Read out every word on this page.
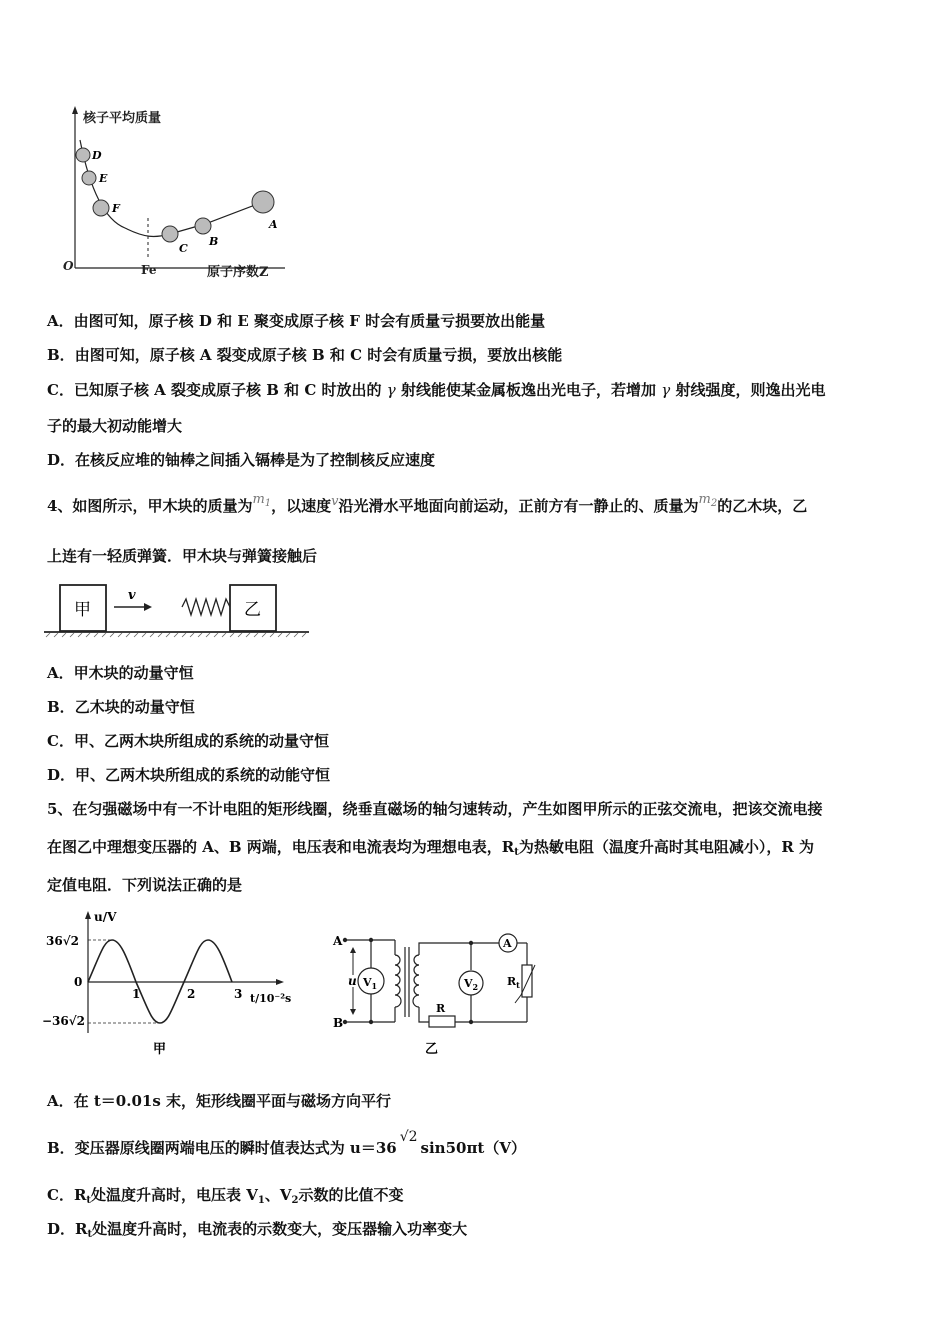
核子平均质量
原子序数Z
O	Fe
D
E
F
C
B
A
A．由图可知，原子核 D 和 E 聚变成原子核 F 时会有质量亏损要放出能量
B．由图可知，原子核 A 裂变成原子核 B 和 C 时会有质量亏损，要放出核能
C．已知原子核 A 裂变成原子核 B 和 C 时放出的 γ 射线能使某金属板逸出光电子，若增加 γ 射线强度，则逸出光电
子的最大初动能增大
D．在核反应堆的铀棒之间插入镉棒是为了控制核反应速度
4、如图所示，甲木块的质量为$m_1$，以速度v沿光滑水平地面向前运动，正前方有一静止的、质量为$m_2$的乙木块，乙
上连有一轻质弹簧．甲木块与弹簧接触后
甲
v
乙
A．甲木块的动量守恒
B．乙木块的动量守恒
C．甲、乙两木块所组成的系统的动量守恒
D．甲、乙两木块所组成的系统的动能守恒
5、在匀强磁场中有一不计电阻的矩形线圈，绕垂直磁场的轴匀速转动，产生如图甲所示的正弦交流电，把该交流电接
在图乙中理想变压器的 A、B 两端，电压表和电流表均为理想电表，$R_t$为热敏电阻（温度升高时其电阻减小），R 为
定值电阻．下列说法正确的是
u/V
t/10⁻²s
36√2
−36√2
0
1	2	3
甲
A
B
u $V_1$
A
$V_2$
R
$R_t$
乙
A．在 t＝0.01s 末，矩形线圈平面与磁场方向平行
B．变压器原线圈两端电压的瞬时值表达式为 u＝36√2sin50πt（V）
C．$R_t$处温度升高时，电压表 $V_1$、$V_2$示数的比值不变
D．$R_t$处温度升高时，电流表的示数变大，变压器输入功率变大
